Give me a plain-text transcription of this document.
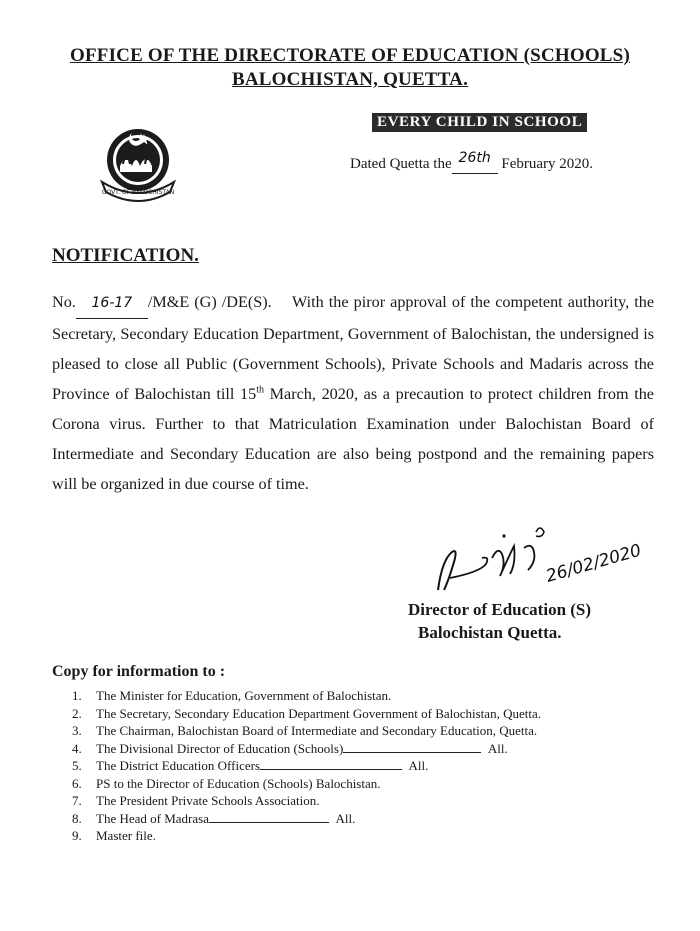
OFFICE OF THE DIRECTORATE OF EDUCATION (SCHOOLS)
BALOCHISTAN, QUETTA.
GOVT. OF BALOCHISTAN
EVERY CHILD IN SCHOOL
Dated Quetta the 26th February 2020.
NOTIFICATION.
No. 16-17 /M&E (G) /DE(S). With the piror approval of the competent authority, the Secretary, Secondary Education Department, Government of Balochistan, the undersigned is pleased to close all Public (Government Schools), Private Schools and Madaris across the Province of Balochistan till 15th March, 2020, as a precaution to protect children from the Corona virus. Further to that Matriculation Examination under Balochistan Board of Intermediate and Secondary Education are also being postpond and the remaining papers will be organized in due course of time.
26/02/2020
Director of Education (S)
Balochistan Quetta.
Copy for information to :
1. The Minister for Education, Government of Balochistan.
2. The Secretary, Secondary Education Department Government of Balochistan, Quetta.
3. The Chairman, Balochistan Board of Intermediate and Secondary Education, Quetta.
4. The Divisional Director of Education (Schools)	All.
5. The District Education Officers	All.
6. PS to the Director of Education (Schools) Balochistan.
7. The President Private Schools Association.
8. The Head of Madrasa	All.
9. Master file.
